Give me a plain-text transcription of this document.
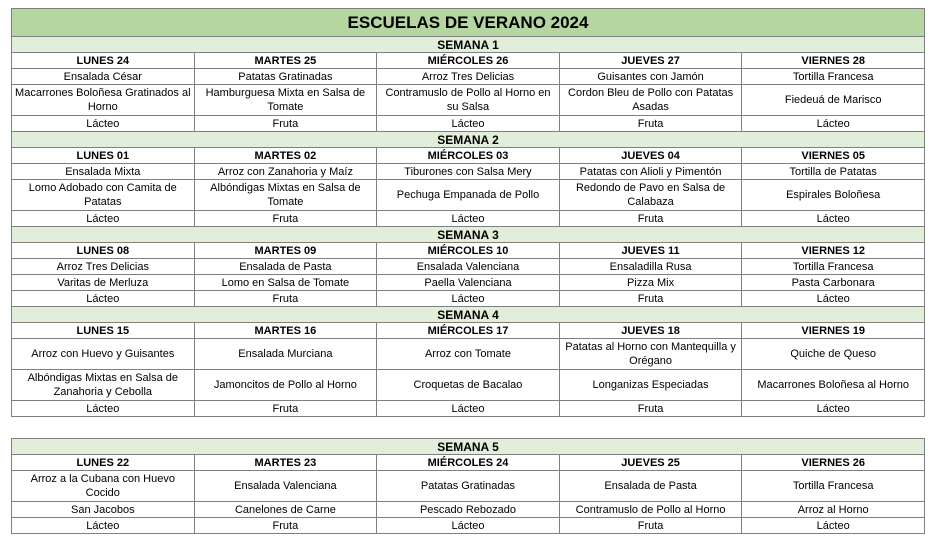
ESCUELAS DE VERANO 2024				
SEMANA 1				
LUNES 24	MARTES 25	MIÉRCOLES 26	JUEVES 27	VIERNES 28
Ensalada César	Patatas Gratinadas	Arroz Tres Delicias	Guisantes con Jamón	Tortilla Francesa
Macarrones Boloñesa Gratinados al Horno	Hamburguesa Mixta en Salsa de Tomate	Contramuslo de Pollo al Horno en su Salsa	Cordon Bleu de Pollo con Patatas Asadas	Fiedeuá de Marisco
Lácteo	Fruta	Lácteo	Fruta	Lácteo
SEMANA 2				
LUNES 01	MARTES 02	MIÉRCOLES 03	JUEVES 04	VIERNES 05
Ensalada Mixta	Arroz con Zanahoria y Maíz	Tiburones con Salsa Mery	Patatas con Alioli y Pimentón	Tortilla de Patatas
Lomo Adobado con Camita de Patatas	Albóndigas Mixtas en Salsa de Tomate	Pechuga Empanada de Pollo	Redondo de Pavo en Salsa de Calabaza	Espirales Boloñesa
Lácteo	Fruta	Lácteo	Fruta	Lácteo
SEMANA 3				
LUNES 08	MARTES 09	MIÉRCOLES 10	JUEVES 11	VIERNES 12
Arroz Tres Delicias	Ensalada de Pasta	Ensalada Valenciana	Ensaladilla Rusa	Tortilla Francesa
Varitas de Merluza	Lomo en Salsa de Tomate	Paella Valenciana	Pizza Mix	Pasta Carbonara
Lácteo	Fruta	Lácteo	Fruta	Lácteo
SEMANA 4				
LUNES 15	MARTES 16	MIÉRCOLES 17	JUEVES 18	VIERNES 19
Arroz con Huevo y Guisantes	Ensalada Murciana	Arroz con Tomate	Patatas al Horno con Mantequilla y Orégano	Quiche de Queso
Albóndigas Mixtas en Salsa de Zanahoria y Cebolla	Jamoncitos de Pollo al Horno	Croquetas de Bacalao	Longanizas Especiadas	Macarrones Boloñesa al Horno
Lácteo	Fruta	Lácteo	Fruta	Lácteo
SEMANA 5				
LUNES 22	MARTES 23	MIÉRCOLES 24	JUEVES 25	VIERNES 26
Arroz a la Cubana con Huevo Cocido	Ensalada Valenciana	Patatas Gratinadas	Ensalada de Pasta	Tortilla Francesa
San Jacobos	Canelones de Carne	Pescado Rebozado	Contramuslo de Pollo al Horno	Arroz al Horno
Lácteo	Fruta	Lácteo	Fruta	Lácteo
